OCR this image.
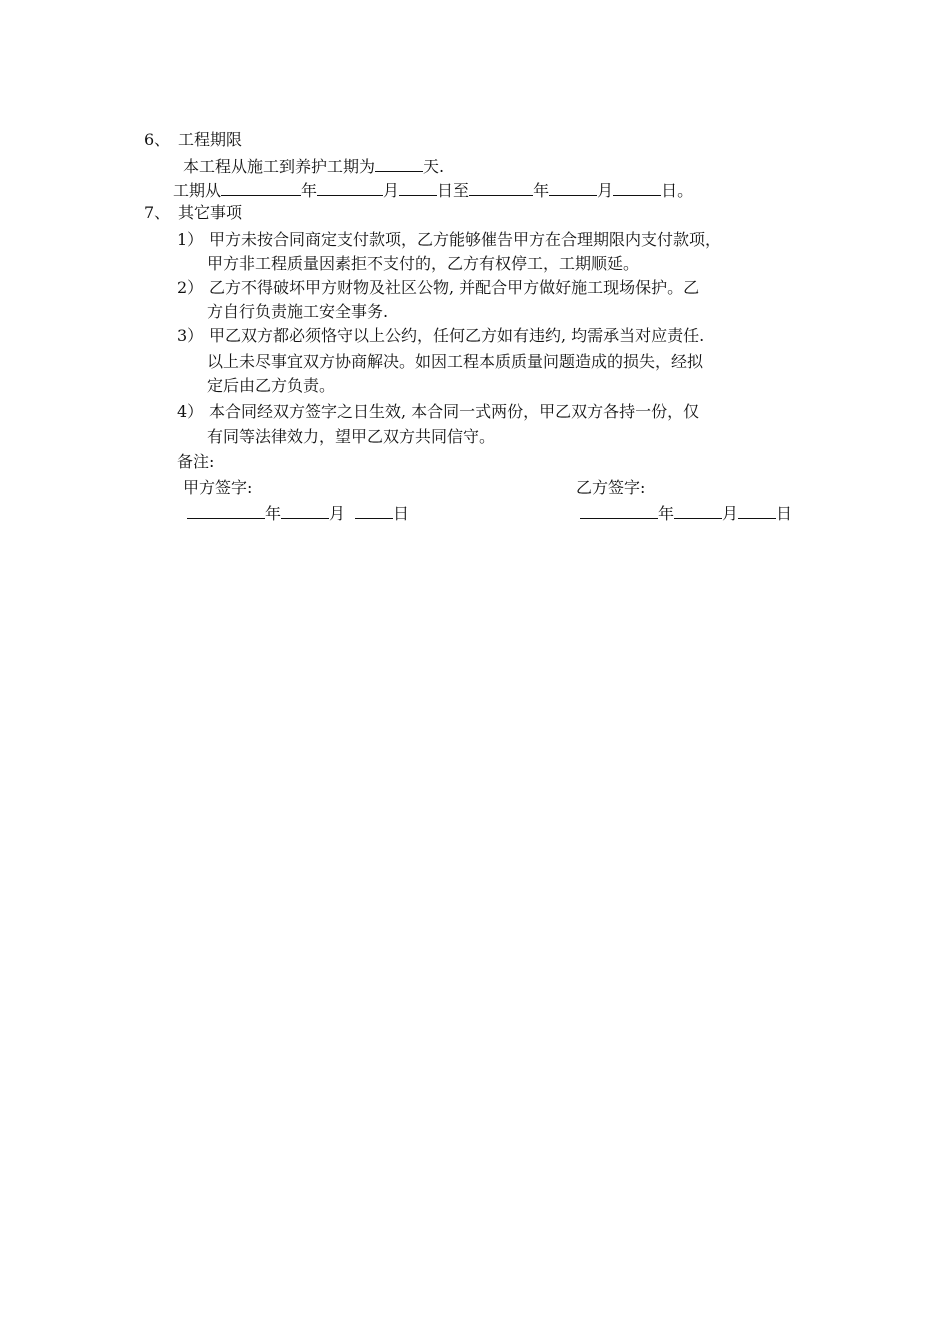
6、 工程期限
本工程从施工到养护工期为	天.
工期从	年	月 日至	年	月	日。
7、 其它事项
1） 甲方未按合同商定支付款项，乙方能够催告甲方在合理期限内支付款项，
甲方非工程质量因素拒不支付的，乙方有权停工，工期顺延。
2） 乙方不得破坏甲方财物及社区公物, 并配合甲方做好施工现场保护。乙
方自行负责施工安全事务.
3） 甲乙双方都必须恪守以上公约，任何乙方如有违约, 均需承当对应责任.
以上未尽事宜双方协商解决。如因工程本质质量问题造成的损失，经拟
定后由乙方负责。
4） 本合同经双方签字之日生效, 本合同一式两份，甲乙双方各持一份，仅
有同等法律效力，望甲乙双方共同信守。
备注:
甲方签字:	乙方签字:
年	月	日	年	月 日
